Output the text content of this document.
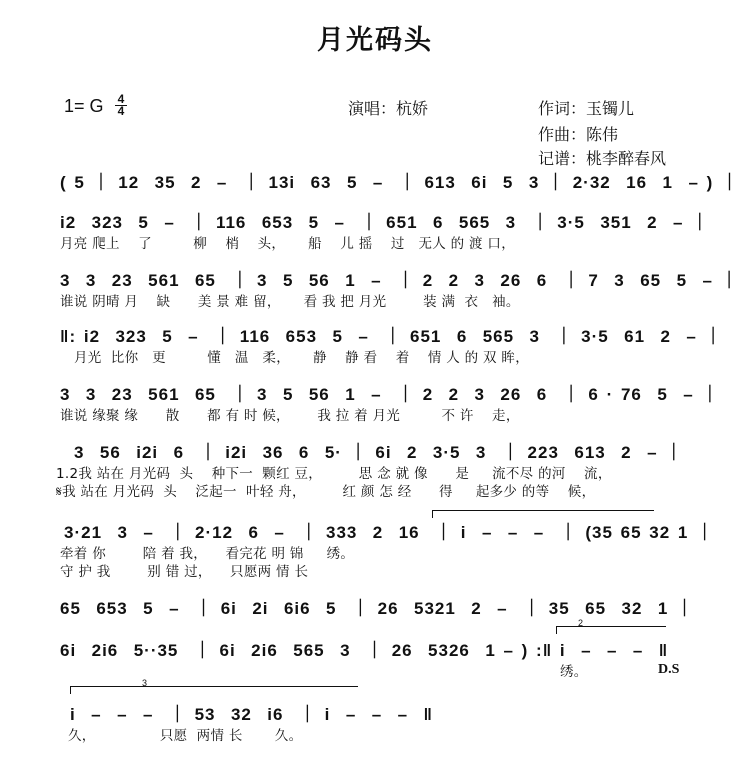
月光码头
1= G	4
4	演唱：杭娇	作词：玉镯儿
作曲：陈伟
记谱：桃李醉春风
( 5 ｜ 12  35  2  –  ｜ 13i  63  5  –  ｜ 613  6i  5  3 ｜ 2·32  16  1  – ) ｜
i2  323  5  –  ｜ 116  653  5  –  ｜ 651  6  565  3  ｜ 3·5  351  2  – ｜
月亮 爬上    了         柳    梢    头，     船    儿 摇    过   无人 的 渡 口，
3  3  23  561  65  ｜ 3  5  56  1  –  ｜ 2  2  3  26  6  ｜ 7  3  65  5  – ｜
谁说 阴晴 月    缺      美 景 难 留，     看 我 把 月光        装 满  衣   袖。
‖: i2  323  5  –  ｜ 116  653  5  –  ｜ 651  6  565  3  ｜ 3·5  61  2  – ｜
月光  比你   更         懂   温   柔，     静    静 看    着    情 人 的 双 眸，
3  3  23  561  65  ｜ 3  5  56  1  –  ｜ 2  2  3  26  6  ｜ 6 · 76  5  – ｜
谁说 缘聚 缘      散      都 有 时 候，      我 拉 着 月光         不 许    走，
3  56  i2i  6  ｜ i2i  36  6  5· ｜ 6i  2  3·5  3  ｜ 223  613  2  – ｜
1.2我 站在 月光码  头    种下一  颗红 豆，        思 念 就 像      是     流不尽 的河    流，
𝄋我 站在 月光码  头    泛起一  叶轻 舟，        红 颜 怎 经      得     起多少 的等    候，
3·21  3  –  ｜ 2·12  6  –  ｜ 333  2  16  ｜ i  –  –  –  ｜ (35 65 32 1 ｜
牵着 你        陪 着 我，    看完花 明 锦     绣。
守 护 我        别 错 过，    只愿两 情 长
65  653  5  –  ｜ 6i  2i  6i6  5  ｜ 26  5321  2  –  ｜ 35  65  32  1 ｜
6i  2i6  5··35  ｜ 6i  2i6  565  3  ｜ 26  5326  1 – ) :‖ i  –  –  –  ‖
绣。
2
D.S
i  –  –  –  ｜ 53  32  i6  ｜ i  –  –  –  ‖
久，              只愿  两情 长       久。
3
